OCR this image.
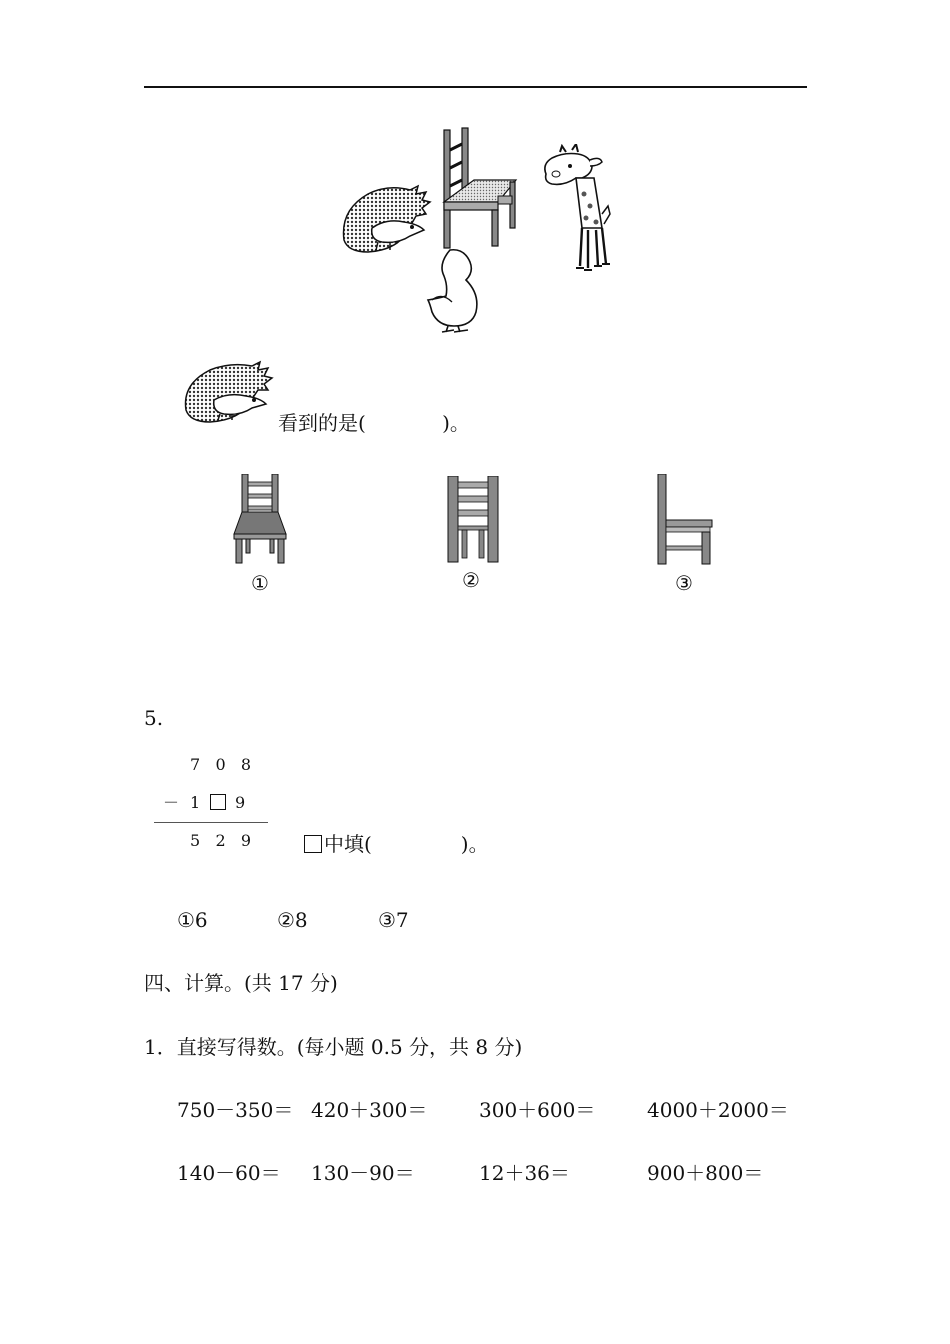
看到的是(            )。
①	②	③
5.
7   0   8
－ 1 9
5   2   9	中填(              )。
①6	②8	③7
四、计算。(共 17 分)
1．直接写得数。(每小题 0.5 分，共 8 分)
750－350＝ 420＋300＝	300＋600＝	4000＋2000＝
140－60＝ 130－90＝	12＋36＝	900＋800＝
